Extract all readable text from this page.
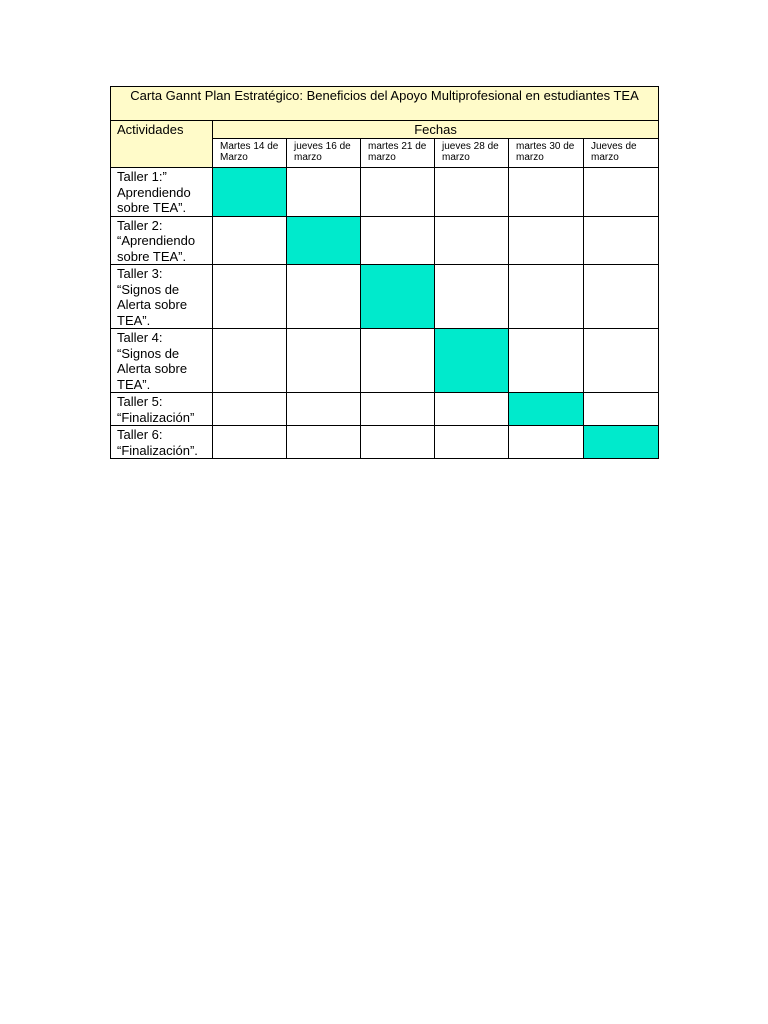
Carta Gannt Plan Estratégico: Beneficios del Apoyo Multiprofesional en estudiantes TEA						
Actividades	Fechas					
	Martes 14 de Marzo	jueves 16 de marzo	martes 21 de marzo	jueves 28 de marzo	martes 30 de marzo	Jueves de marzo
Taller 1:” Aprendiendo sobre TEA”.						
Taller 2: “Aprendiendo sobre TEA”.						
Taller 3: “Signos de Alerta sobre TEA”.						
Taller 4: “Signos de Alerta sobre TEA”.						
Taller 5: “Finalización”						
Taller 6: “Finalización”.						
